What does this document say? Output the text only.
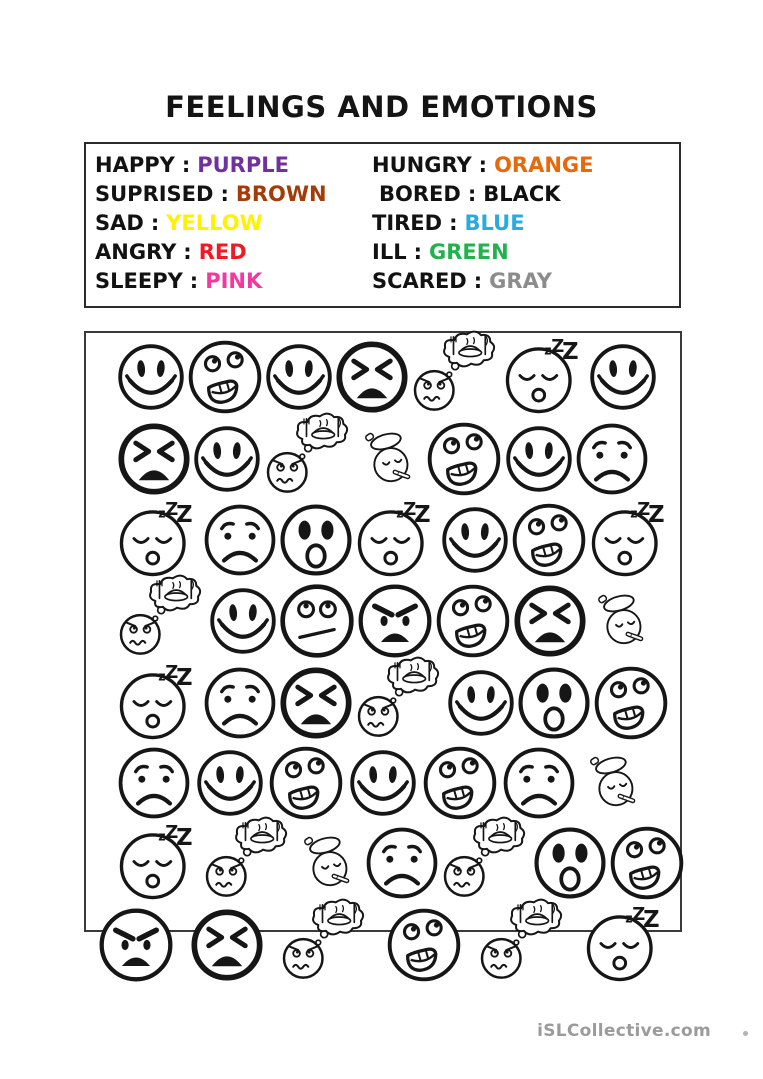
FEELINGS AND EMOTIONS
HAPPY : PURPLE
SUPRISED : BROWN
SAD : YELLOW
ANGRY : RED
SLEEPY : PINK
HUNGRY : ORANGE
BORED : BLACK
TIRED : BLUE
ILL : GREEN
SCARED : GRAY
z Z
Z
z Z
Z	z Z
Z	z Z
Z
z Z
Z
z Z
Z
z Z
Z
iSLCollective.com
